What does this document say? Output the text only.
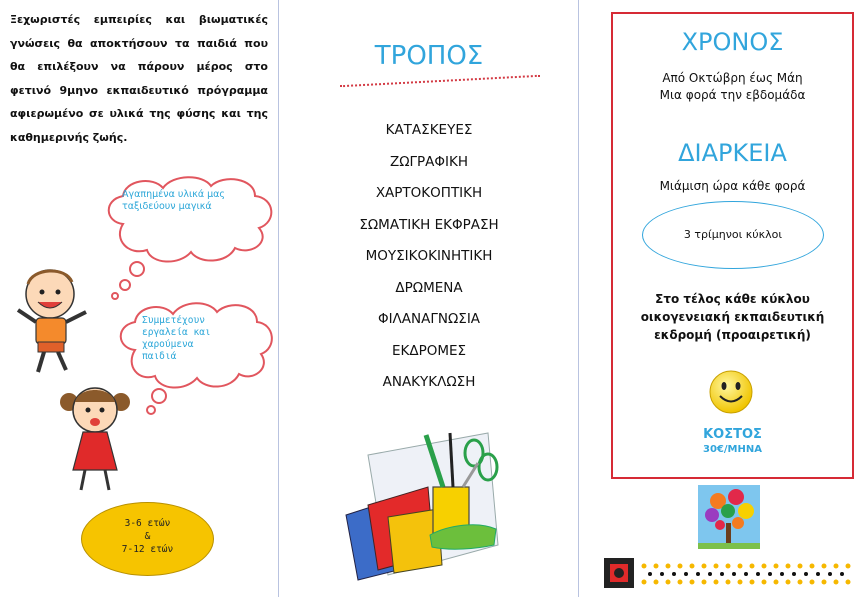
Ξεχωριστές εμπειρίες και βιωματικές γνώσεις θα αποκτήσουν τα παιδιά που θα επιλέξουν να πάρουν μέρος στο φετινό 9μηνο εκπαιδευτικό πρόγραμμα αφιερωμένο σε υλικά της φύσης και της καθημερινής ζωής.
Αγαπημένα υλικά μας ταξιδεύουν μαγικά
Συμμετέχουν εργαλεία και χαρούμενα παιδιά
3-6 ετών
&
7-12 ετών
ΤΡΟΠΟΣ
ΚΑΤΑΣΚΕΥΕΣ
ΖΩΓΡΑΦΙΚΗ
ΧΑΡΤΟΚΟΠΤΙΚΗ
ΣΩΜΑΤΙΚΗ ΕΚΦΡΑΣΗ
ΜΟΥΣΙΚΟΚΙΝΗΤΙΚΗ
ΔΡΩΜΕΝΑ
ΦΙΛΑΝΑΓΝΩΣΙΑ
ΕΚΔΡΟΜΕΣ
ΑΝΑΚΥΚΛΩΣΗ
ΧΡΟΝΟΣ
Από Οκτώβρη έως Μάη
Μια φορά την εβδομάδα
ΔΙΑΡΚΕΙΑ
Μιάμιση ώρα κάθε φορά
3 τρίμηνοι κύκλοι
Στο τέλος κάθε κύκλου
οικογενειακή εκπαιδευτική
εκδρομή (προαιρετική)
ΚΟΣΤΟΣ
30€/ΜΗΝΑ
